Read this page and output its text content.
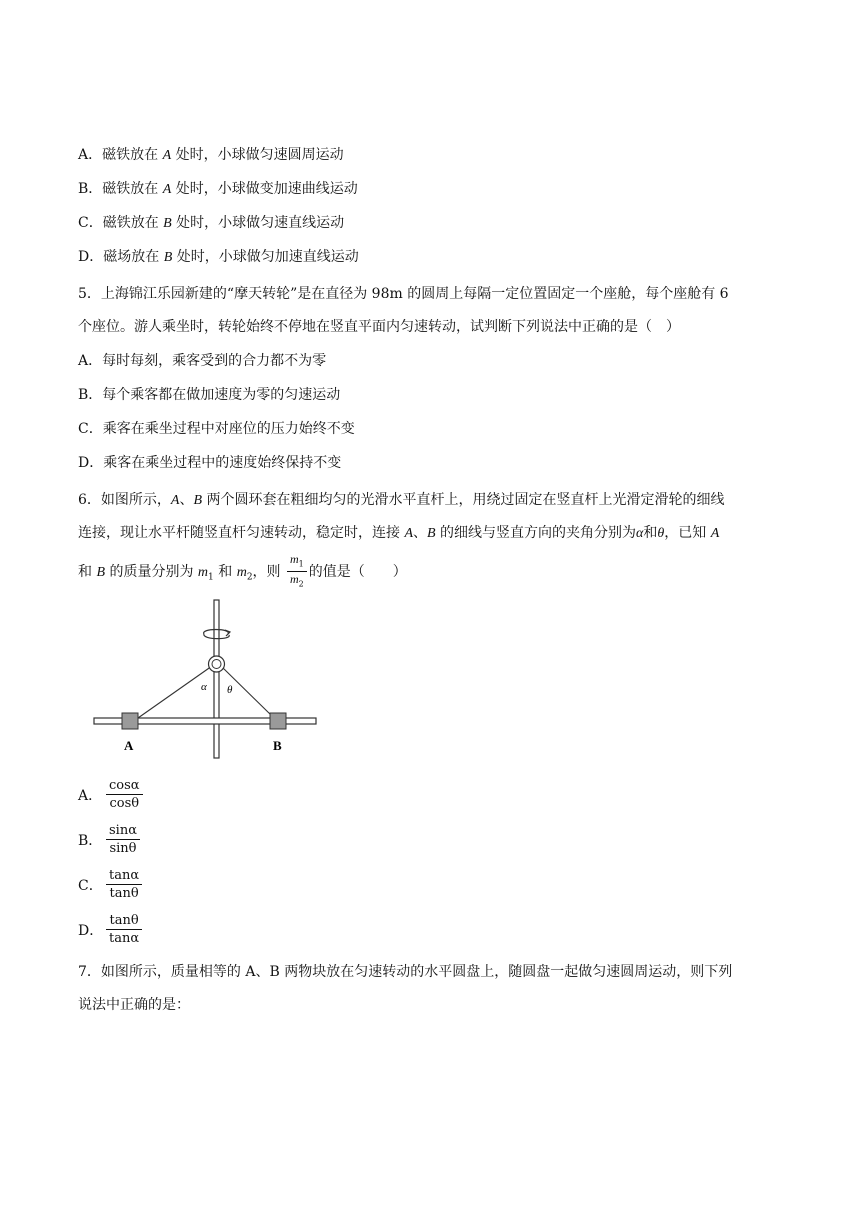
A．磁铁放在 A 处时，小球做匀速圆周运动
B．磁铁放在 A 处时，小球做变加速曲线运动
C．磁铁放在 B 处时，小球做匀速直线运动
D．磁场放在 B 处时，小球做匀加速直线运动
5．上海锦江乐园新建的“摩天转轮”是在直径为 98m 的圆周上每隔一定位置固定一个座舱，每个座舱有 6
个座位。游人乘坐时，转轮始终不停地在竖直平面内匀速转动，试判断下列说法中正确的是（　）
A．每时每刻，乘客受到的合力都不为零
B．每个乘客都在做加速度为零的匀速运动
C．乘客在乘坐过程中对座位的压力始终不变
D．乘客在乘坐过程中的速度始终保持不变
6．如图所示，A、B 两个圆环套在粗细均匀的光滑水平直杆上，用绕过固定在竖直杆上光滑定滑轮的细线
连接，现让水平杆随竖直杆匀速转动，稳定时，连接 A、B 的细线与竖直方向的夹角分别为α和θ，已知 A
和 B 的质量分别为 $m_1$ 和 $m_2$，则 $\frac{m_1}{m_2}$ 的值是（　　）
α θ
A	B
A． $\frac{\cos\alpha}{\cos\theta}$
B． $\frac{\sin\alpha}{\sin\theta}$
C． $\frac{\tan\alpha}{\tan\theta}$
D． $\frac{\tan\theta}{\tan\alpha}$
7．如图所示，质量相等的 A、B 两物块放在匀速转动的水平圆盘上，随圆盘一起做匀速圆周运动，则下列
说法中正确的是：
